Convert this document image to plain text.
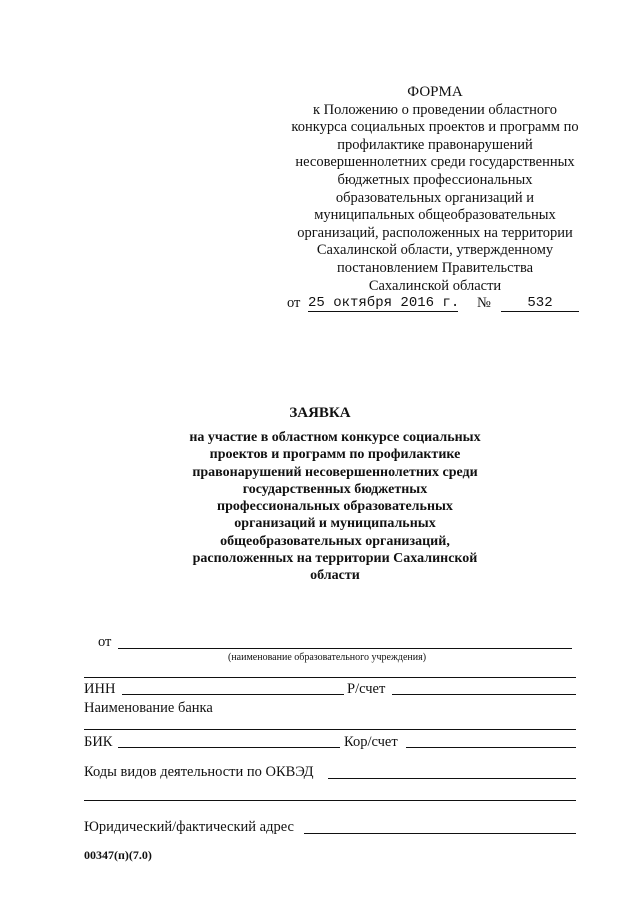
ФОРМА
к Положению о проведении областного
конкурса социальных проектов и программ по
профилактике правонарушений
несовершеннолетних среди государственных
бюджетных профессиональных
образовательных организаций и
муниципальных общеобразовательных
организаций, расположенных на территории
Сахалинской области, утвержденному
постановлением Правительства
Сахалинской области
от 25 октября 2016 г. №	532
ЗАЯВКА
на участие в областном конкурсе социальных
проектов и программ по профилактике
правонарушений несовершеннолетних среди
государственных бюджетных
профессиональных образовательных
организаций и муниципальных
общеобразовательных организаций,
расположенных на территории Сахалинской
области
от
(наименование образовательного учреждения)
ИНН	Р/счет
Наименование банка
БИК	Кор/счет
Коды видов деятельности по ОКВЭД
Юридический/фактический адрес
00347(п)(7.0)
